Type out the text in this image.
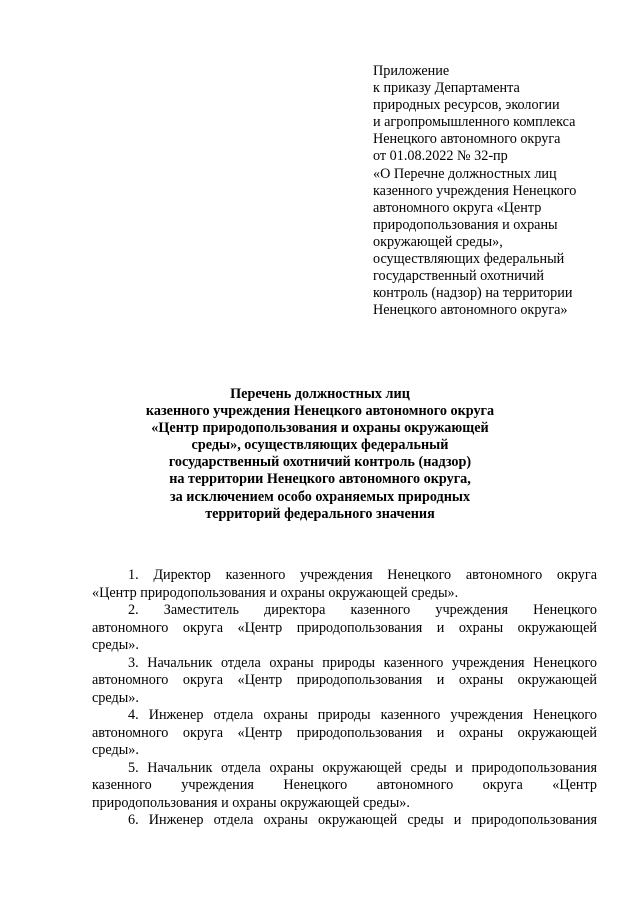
Приложение
к приказу Департамента
природных ресурсов, экологии
и агропромышленного комплекса
Ненецкого автономного округа
от 01.08.2022 № 32-пр
«О Перечне должностных лиц
казенного учреждения Ненецкого
автономного округа «Центр
природопользования и охраны
окружающей среды»,
осуществляющих федеральный
государственный охотничий
контроль (надзор) на территории
Ненецкого автономного округа»
Перечень должностных лиц
казенного учреждения Ненецкого автономного округа
«Центр природопользования и охраны окружающей
среды», осуществляющих федеральный
государственный охотничий контроль (надзор)
на территории Ненецкого автономного округа,
за исключением особо охраняемых природных
территорий федерального значения
1. Директор казенного учреждения Ненецкого автономного округа
«Центр природопользования и охраны окружающей среды».
2. Заместитель директора казенного учреждения Ненецкого
автономного округа «Центр природопользования и охраны окружающей
среды».
3. Начальник отдела охраны природы казенного учреждения Ненецкого
автономного округа «Центр природопользования и охраны окружающей
среды».
4. Инженер отдела охраны природы казенного учреждения Ненецкого
автономного округа «Центр природопользования и охраны окружающей
среды».
5. Начальник отдела охраны окружающей среды и природопользования
казенного учреждения Ненецкого автономного округа «Центр
природопользования и охраны окружающей среды».
6. Инженер отдела охраны окружающей среды и природопользования
